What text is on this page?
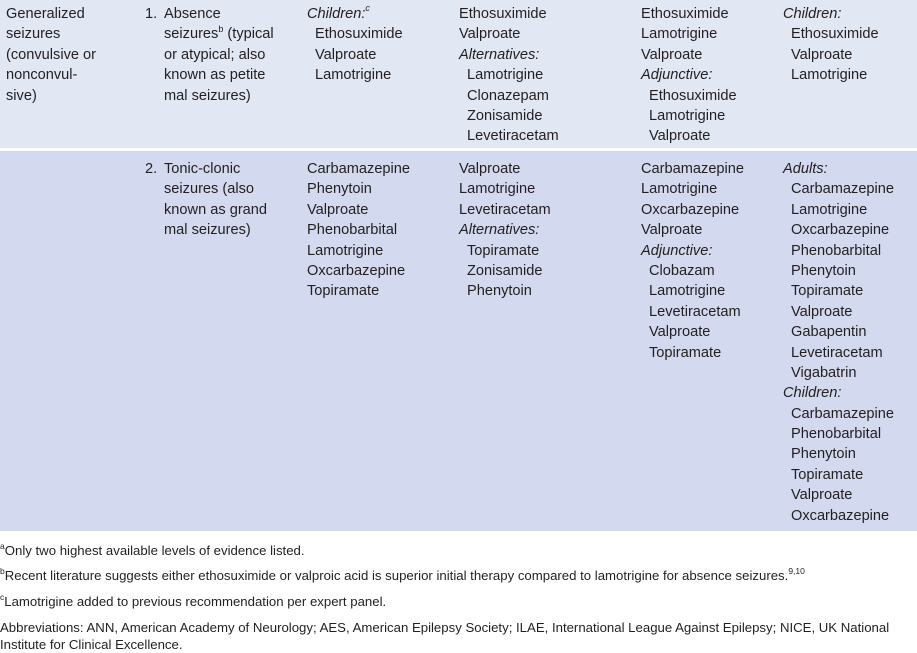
Generalized
seizures
(convulsive or
nonconvul-
sive)
1. Absence
seizures$^b$ (typical
or atypical; also
known as petite
mal seizures)
Children:$^c$
Ethosuximide
Valproate
Lamotrigine
Ethosuximide
Valproate
Alternatives:
Lamotrigine
Clonazepam
Zonisamide
Levetiracetam
Ethosuximide
Lamotrigine
Valproate
Adjunctive:
Ethosuximide
Lamotrigine
Valproate
Children:
Ethosuximide
Valproate
Lamotrigine
2. Tonic-clonic
seizures (also
known as grand
mal seizures)
Carbamazepine
Phenytoin
Valproate
Phenobarbital
Lamotrigine
Oxcarbazepine
Topiramate
Valproate
Lamotrigine
Levetiracetam
Alternatives:
Topiramate
Zonisamide
Phenytoin
Carbamazepine
Lamotrigine
Oxcarbazepine
Valproate
Adjunctive:
Clobazam
Lamotrigine
Levetiracetam
Valproate
Topiramate
Adults:
Carbamazepine
Lamotrigine
Oxcarbazepine
Phenobarbital
Phenytoin
Topiramate
Valproate
Gabapentin
Levetiracetam
Vigabatrin
Children:
Carbamazepine
Phenobarbital
Phenytoin
Topiramate
Valproate
Oxcarbazepine
$^a$Only two highest available levels of evidence listed.
$^b$Recent literature suggests either ethosuximide or valproic acid is superior initial therapy compared to lamotrigine for absence seizures.$^{9,10}$
$^c$Lamotrigine added to previous recommendation per expert panel.
Abbreviations: ANN, American Academy of Neurology; AES, American Epilepsy Society; ILAE, International League Against Epilepsy; NICE, UK National Institute for Clinical Excellence.
